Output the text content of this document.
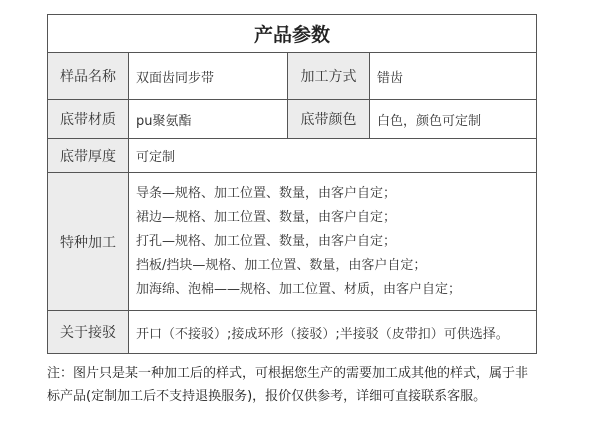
产品参数			
样品名称	双面齿同步带	加工方式	错齿
底带材质	pu聚氨酯	底带颜色	白色，颜色可定制
底带厚度	可定制		
特种加工	导条—规格、加工位置、数量，由客户自定；
裙边—规格、加工位置、数量，由客户自定；
打孔—规格、加工位置、数量，由客户自定；
挡板/挡块—规格、加工位置、数量，由客户自定；
加海绵、泡棉——规格、加工位置、材质，由客户自定；		

关于接驳	开口（不接驳）;接成环形（接驳）;半接驳（皮带扣）可供选择。		
注：图片只是某一种加工后的样式，可根据您生产的需要加工成其他的样式，属于非
标产品(定制加工后不支持退换服务)，报价仅供参考，详细可直接联系客服。
